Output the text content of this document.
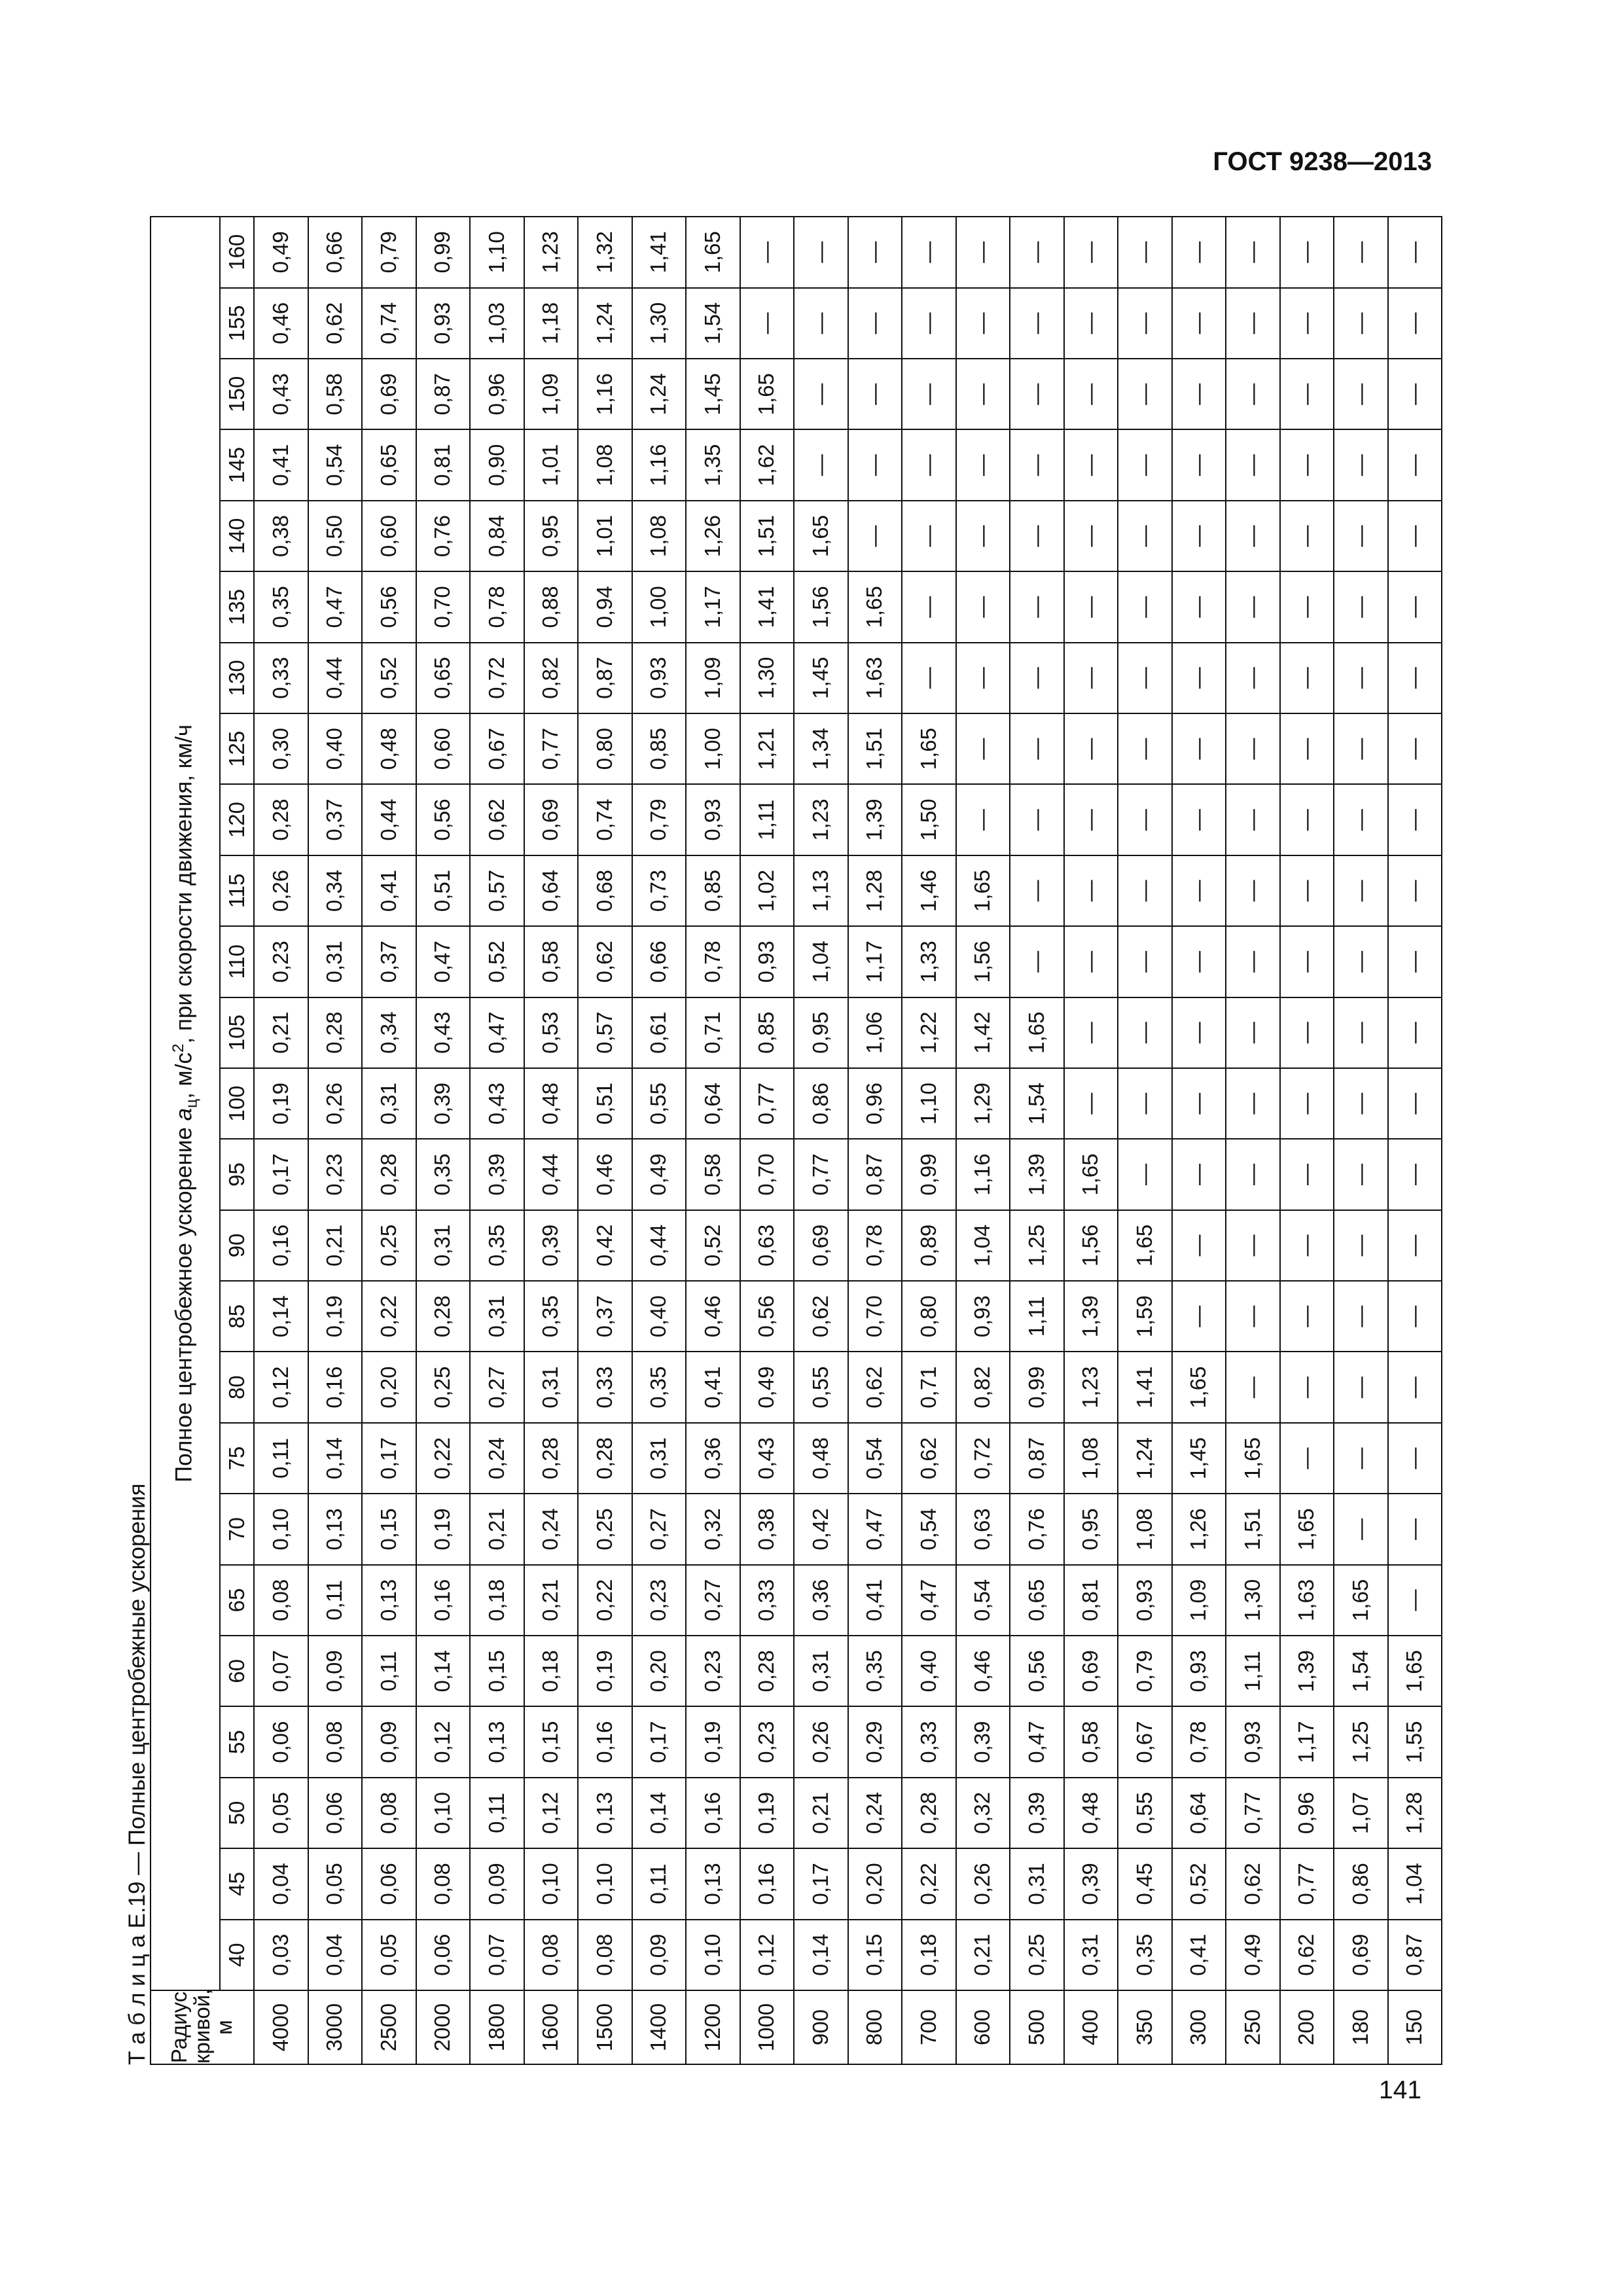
ГОСТ 9238—2013
Т а б л и ц а Е.19 — Полные центробежные ускорения
Радиус кривой, м	Полное центробежное ускорение $a_ц$, $м/с^2$, при скорости движения, км/ч																								
	40	45	50	55	60	65	70	75	80	85	90	95	100	105	110	115	120	125	130	135	140	145	150	155	160
4000	0,03	0,04	0,05	0,06	0,07	0,08	0,10	0,11	0,12	0,14	0,16	0,17	0,19	0,21	0,23	0,26	0,28	0,30	0,33	0,35	0,38	0,41	0,43	0,46	0,49
3000	0,04	0,05	0,06	0,08	0,09	0,11	0,13	0,14	0,16	0,19	0,21	0,23	0,26	0,28	0,31	0,34	0,37	0,40	0,44	0,47	0,50	0,54	0,58	0,62	0,66
2500	0,05	0,06	0,08	0,09	0,11	0,13	0,15	0,17	0,20	0,22	0,25	0,28	0,31	0,34	0,37	0,41	0,44	0,48	0,52	0,56	0,60	0,65	0,69	0,74	0,79
2000	0,06	0,08	0,10	0,12	0,14	0,16	0,19	0,22	0,25	0,28	0,31	0,35	0,39	0,43	0,47	0,51	0,56	0,60	0,65	0,70	0,76	0,81	0,87	0,93	0,99
1800	0,07	0,09	0,11	0,13	0,15	0,18	0,21	0,24	0,27	0,31	0,35	0,39	0,43	0,47	0,52	0,57	0,62	0,67	0,72	0,78	0,84	0,90	0,96	1,03	1,10
1600	0,08	0,10	0,12	0,15	0,18	0,21	0,24	0,28	0,31	0,35	0,39	0,44	0,48	0,53	0,58	0,64	0,69	0,77	0,82	0,88	0,95	1,01	1,09	1,18	1,23
1500	0,08	0,10	0,13	0,16	0,19	0,22	0,25	0,28	0,33	0,37	0,42	0,46	0,51	0,57	0,62	0,68	0,74	0,80	0,87	0,94	1,01	1,08	1,16	1,24	1,32
1400	0,09	0,11	0,14	0,17	0,20	0,23	0,27	0,31	0,35	0,40	0,44	0,49	0,55	0,61	0,66	0,73	0,79	0,85	0,93	1,00	1,08	1,16	1,24	1,30	1,41
1200	0,10	0,13	0,16	0,19	0,23	0,27	0,32	0,36	0,41	0,46	0,52	0,58	0,64	0,71	0,78	0,85	0,93	1,00	1,09	1,17	1,26	1,35	1,45	1,54	1,65
1000	0,12	0,16	0,19	0,23	0,28	0,33	0,38	0,43	0,49	0,56	0,63	0,70	0,77	0,85	0,93	1,02	1,11	1,21	1,30	1,41	1,51	1,62	1,65	—	—
900	0,14	0,17	0,21	0,26	0,31	0,36	0,42	0,48	0,55	0,62	0,69	0,77	0,86	0,95	1,04	1,13	1,23	1,34	1,45	1,56	1,65	—	—	—	—
800	0,15	0,20	0,24	0,29	0,35	0,41	0,47	0,54	0,62	0,70	0,78	0,87	0,96	1,06	1,17	1,28	1,39	1,51	1,63	1,65	—	—	—	—	—
700	0,18	0,22	0,28	0,33	0,40	0,47	0,54	0,62	0,71	0,80	0,89	0,99	1,10	1,22	1,33	1,46	1,50	1,65	—	—	—	—	—	—	—
600	0,21	0,26	0,32	0,39	0,46	0,54	0,63	0,72	0,82	0,93	1,04	1,16	1,29	1,42	1,56	1,65	—	—	—	—	—	—	—	—	—
500	0,25	0,31	0,39	0,47	0,56	0,65	0,76	0,87	0,99	1,11	1,25	1,39	1,54	1,65	—	—	—	—	—	—	—	—	—	—	—
400	0,31	0,39	0,48	0,58	0,69	0,81	0,95	1,08	1,23	1,39	1,56	1,65	—	—	—	—	—	—	—	—	—	—	—	—	—
350	0,35	0,45	0,55	0,67	0,79	0,93	1,08	1,24	1,41	1,59	1,65	—	—	—	—	—	—	—	—	—	—	—	—	—	—
300	0,41	0,52	0,64	0,78	0,93	1,09	1,26	1,45	1,65	—	—	—	—	—	—	—	—	—	—	—	—	—	—	—	—
250	0,49	0,62	0,77	0,93	1,11	1,30	1,51	1,65	—	—	—	—	—	—	—	—	—	—	—	—	—	—	—	—	—
200	0,62	0,77	0,96	1,17	1,39	1,63	1,65	—	—	—	—	—	—	—	—	—	—	—	—	—	—	—	—	—	—
180	0,69	0,86	1,07	1,25	1,54	1,65	—	—	—	—	—	—	—	—	—	—	—	—	—	—	—	—	—	—	—
150	0,87	1,04	1,28	1,55	1,65	—	—	—	—	—	—	—	—	—	—	—	—	—	—	—	—	—	—	—	—
141
